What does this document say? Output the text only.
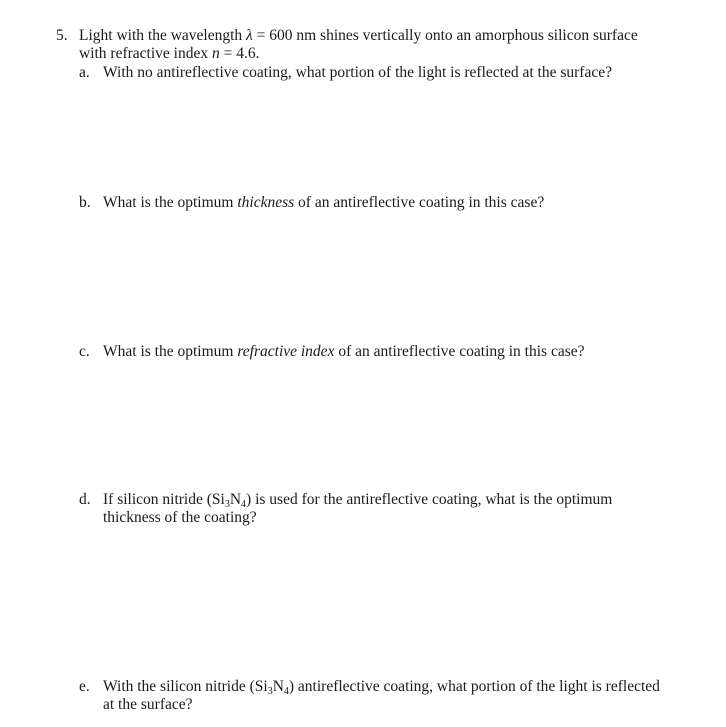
5. Light with the wavelength λ = 600 nm shines vertically onto an amorphous silicon surface with refractive index n = 4.6.
a. With no antireflective coating, what portion of the light is reflected at the surface?
b. What is the optimum thickness of an antireflective coating in this case?
c. What is the optimum refractive index of an antireflective coating in this case?
d. If silicon nitride $(Si_3N_4)$ is used for the antireflective coating, what is the optimum thickness of the coating?
e. With the silicon nitride $(Si_3N_4)$ antireflective coating, what portion of the light is reflected at the surface?
